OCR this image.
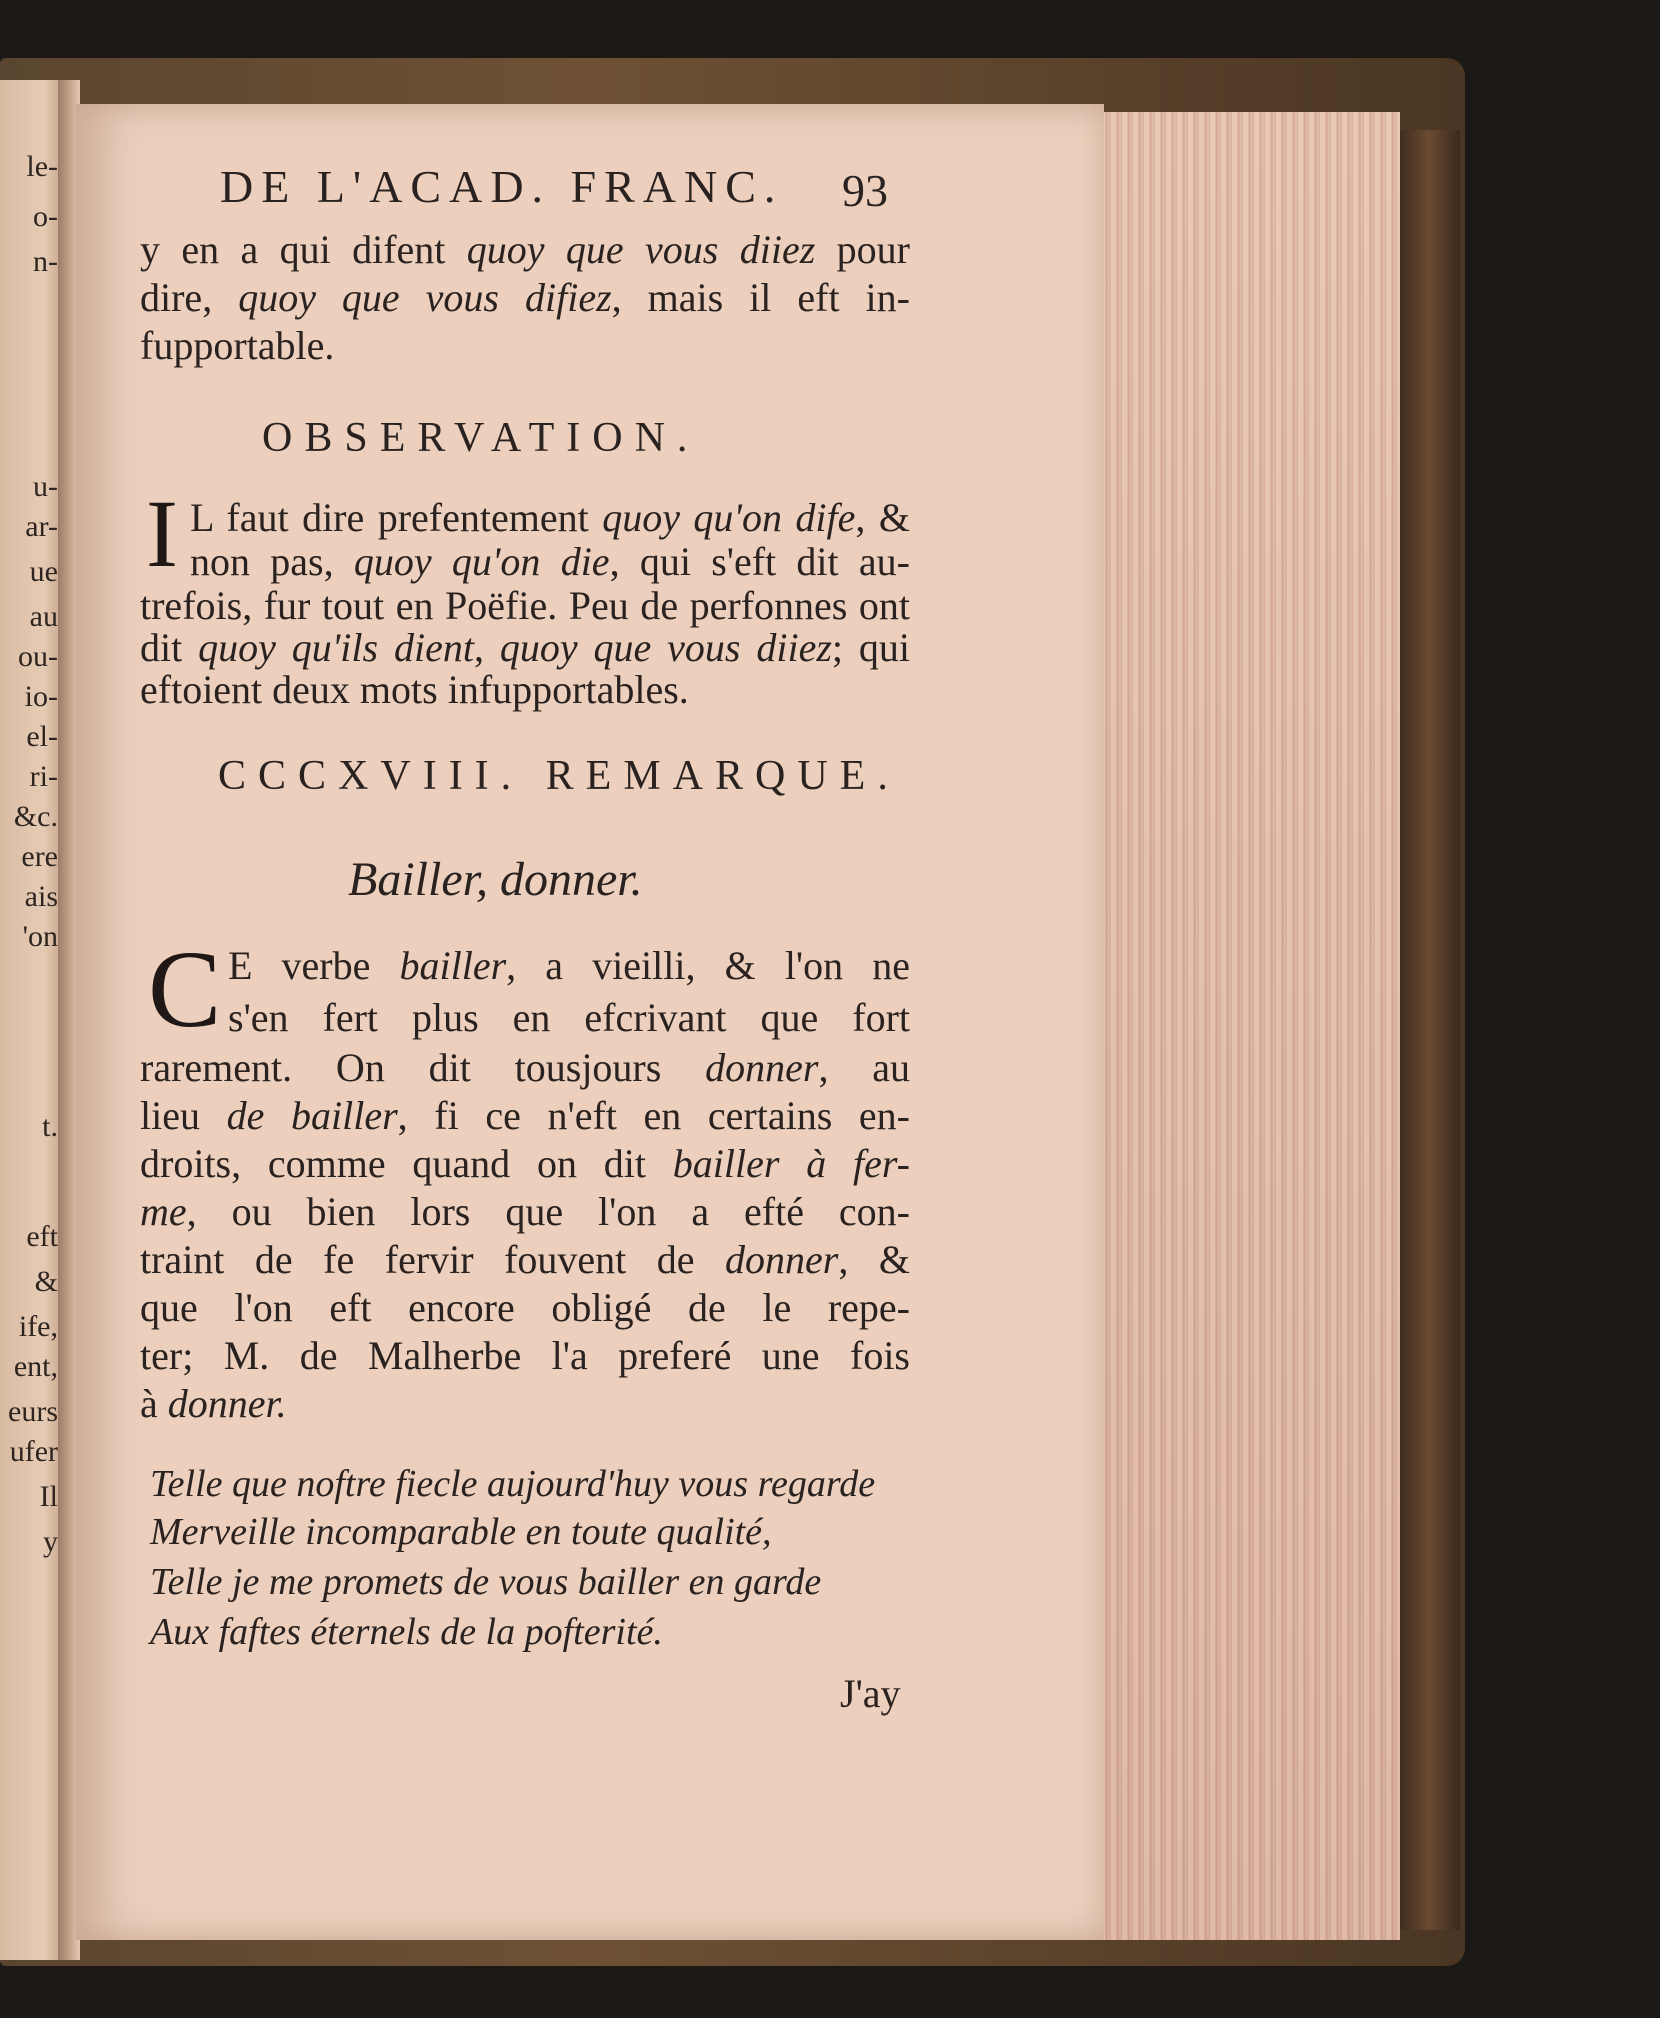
le-
o-
n-
u-
ar-
ue
au
ou-
io-
el-
ri-
&c.
ere
ais
'on
t.
eft
&
ife,
ent,
eurs
ufer
Il
y
DE L'ACAD. FRANC. 93
y en a qui difent quoy que vous diiez pour
dire, quoy que vous difiez, mais il eft in-
fupportable.
OBSERVATION.
I L faut dire prefentement quoy qu'on dife, &
non pas, quoy qu'on die, qui s'eft dit au-
trefois, fur tout en Poëfie. Peu de perfonnes ont
dit quoy qu'ils dient, quoy que vous diiez; qui
eftoient deux mots infupportables.
CCCXVIII. REMARQUE.
Bailler, donner.
C E verbe bailler, a vieilli, & l'on ne
s'en fert plus en efcrivant que fort
rarement. On dit tousjours donner, au
lieu de bailler, fi ce n'eft en certains en-
droits, comme quand on dit bailler à fer-
me, ou bien lors que l'on a efté con-
traint de fe fervir fouvent de donner, &
que l'on eft encore obligé de le repe-
ter; M. de Malherbe l'a preferé une fois
à donner.
Telle que noftre fiecle aujourd'huy vous regarde
Merveille incomparable en toute qualité,
Telle je me promets de vous bailler en garde
Aux faftes éternels de la pofterité.
J'ay
